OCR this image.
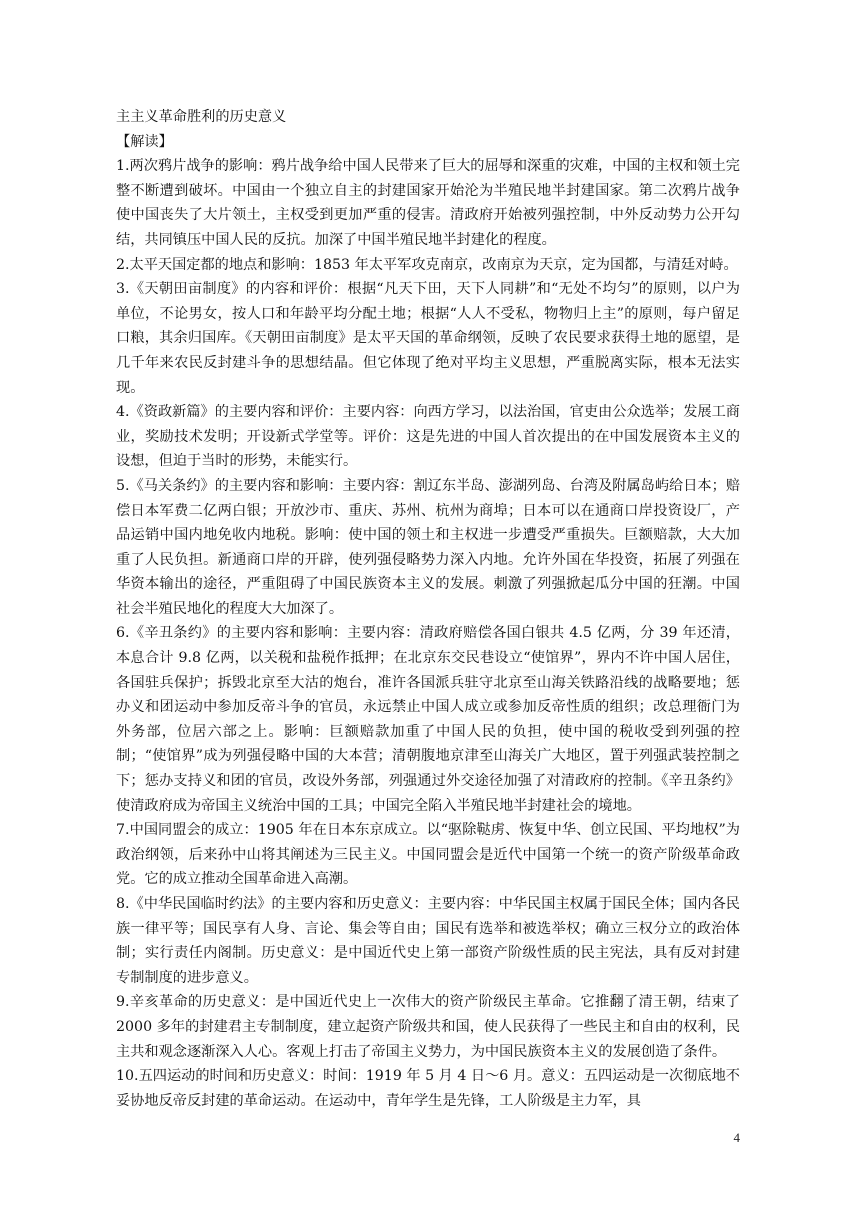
主主义革命胜利的历史意义

【解读】

1.两次鸦片战争的影响：鸦片战争给中国人民带来了巨大的屈辱和深重的灾难，中国的主权和领土完整不断遭到破坏。中国由一个独立自主的封建国家开始沦为半殖民地半封建国家。第二次鸦片战争使中国丧失了大片领土，主权受到更加严重的侵害。清政府开始被列强控制，中外反动势力公开勾结，共同镇压中国人民的反抗。加深了中国半殖民地半封建化的程度。

2.太平天国定都的地点和影响：1853 年太平军攻克南京，改南京为天京，定为国都，与清廷对峙。

3.《天朝田亩制度》的内容和评价：根据“凡天下田，天下人同耕”和“无处不均匀”的原则，以户为单位，不论男女，按人口和年龄平均分配土地；根据“人人不受私，物物归上主”的原则，每户留足口粮，其余归国库。《天朝田亩制度》是太平天国的革命纲领，反映了农民要求获得土地的愿望，是几千年来农民反封建斗争的思想结晶。但它体现了绝对平均主义思想，严重脱离实际，根本无法实现。

4.《资政新篇》的主要内容和评价：主要内容：向西方学习，以法治国，官吏由公众选举；发展工商业，奖励技术发明；开设新式学堂等。评价：这是先进的中国人首次提出的在中国发展资本主义的设想，但迫于当时的形势，未能实行。

5.《马关条约》的主要内容和影响：主要内容：割辽东半岛、澎湖列岛、台湾及附属岛屿给日本；赔偿日本军费二亿两白银；开放沙市、重庆、苏州、杭州为商埠；日本可以在通商口岸投资设厂，产品运销中国内地免收内地税。影响：使中国的领土和主权进一步遭受严重损失。巨额赔款，大大加重了人民负担。新通商口岸的开辟，使列强侵略势力深入内地。允许外国在华投资，拓展了列强在华资本输出的途径，严重阻碍了中国民族资本主义的发展。刺激了列强掀起瓜分中国的狂潮。中国社会半殖民地化的程度大大加深了。

6.《辛丑条约》的主要内容和影响：主要内容：清政府赔偿各国白银共 4.5 亿两，分 39 年还清，本息合计 9.8 亿两，以关税和盐税作抵押；在北京东交民巷设立“使馆界”，界内不许中国人居住，各国驻兵保护；拆毁北京至大沽的炮台，准许各国派兵驻守北京至山海关铁路沿线的战略要地；惩办义和团运动中参加反帝斗争的官员，永远禁止中国人成立或参加反帝性质的组织；改总理衙门为外务部，位居六部之上。影响：巨额赔款加重了中国人民的负担，使中国的税收受到列强的控制；“使馆界”成为列强侵略中国的大本营；清朝腹地京津至山海关广大地区，置于列强武装控制之下；惩办支持义和团的官员，改设外务部，列强通过外交途径加强了对清政府的控制。《辛丑条约》使清政府成为帝国主义统治中国的工具；中国完全陷入半殖民地半封建社会的境地。

7.中国同盟会的成立：1905 年在日本东京成立。以“驱除鞑虏、恢复中华、创立民国、平均地权”为政治纲领，后来孙中山将其阐述为三民主义。中国同盟会是近代中国第一个统一的资产阶级革命政党。它的成立推动全国革命进入高潮。

8.《中华民国临时约法》的主要内容和历史意义：主要内容：中华民国主权属于国民全体；国内各民族一律平等；国民享有人身、言论、集会等自由；国民有选举和被选举权；确立三权分立的政治体制；实行责任内阁制。历史意义：是中国近代史上第一部资产阶级性质的民主宪法，具有反对封建专制制度的进步意义。

9.辛亥革命的历史意义：是中国近代史上一次伟大的资产阶级民主革命。它推翻了清王朝，结束了 2000 多年的封建君主专制制度，建立起资产阶级共和国，使人民获得了一些民主和自由的权利，民主共和观念逐渐深入人心。客观上打击了帝国主义势力，为中国民族资本主义的发展创造了条件。

10.五四运动的时间和历史意义：时间：1919 年 5 月 4 日～6 月。意义：五四运动是一次彻底地不妥协地反帝反封建的革命运动。在运动中，青年学生是先锋，工人阶级是主力军，具

4
